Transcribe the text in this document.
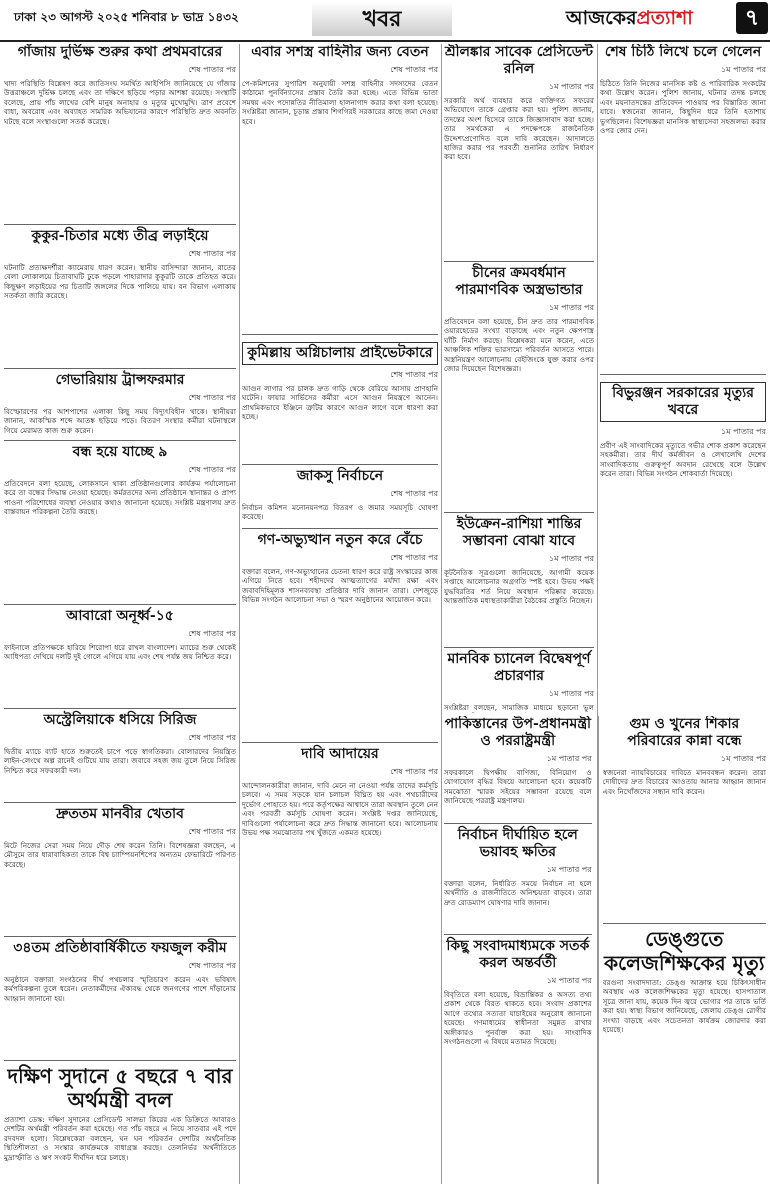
ঢাকা ২৩ আগস্ট ২০২৫ শনিবার ৮ ভাদ্র ১৪৩২	খবর	আজকেরপ্রত্যাশা	৭
গাঁজায় দুর্ভিক্ষ শুরুর কথা প্রথমবারের

শেষ পাতার পর

খাদ্য পরিস্থিতি বিশ্লেষণ করে জাতিসংঘ সমর্থিত আইপিসি জানিয়েছে যে গাঁজার উত্তরাঞ্চলে দুর্ভিক্ষ চলছে এবং তা দক্ষিণে ছড়িয়ে পড়ার আশঙ্কা রয়েছে। সংস্থাটি বলেছে, প্রায় পাঁচ লাখের বেশি মানুষ অনাহার ও মৃত্যুর মুখোমুখি। ত্রাণ প্রবেশে বাধা, অবরোধ এবং অব্যাহত সামরিক অভিযানের কারণে পরিস্থিতি দ্রুত অবনতি ঘটছে বলে সংস্থাগুলো সতর্ক করেছে।

কুকুর-চিতার মধ্যে তীব্র লড়াইয়ে

শেষ পাতার পর

ঘটনাটি প্রত্যক্ষদর্শীরা ক্যামেরায় ধারণ করেন। স্থানীয় বাসিন্দারা জানান, রাতের বেলা লোকালয়ে চিতাবাঘটি ঢুকে পড়লে পাহারাদার কুকুরটি তাকে প্রতিহত করে। কিছুক্ষণ লড়াইয়ের পর চিতাটি জঙ্গলের দিকে পালিয়ে যায়। বন বিভাগ এলাকায় সতর্কতা জারি করেছে।

গেভারিয়ায় ট্রান্সফরমার

শেষ পাতার পর

বিস্ফোরণের পর আশপাশের এলাকা কিছু সময় বিদ্যুৎবিহীন থাকে। স্থানীয়রা জানান, আকস্মিক শব্দে আতঙ্ক ছড়িয়ে পড়ে। বিতরণ সংস্থার কর্মীরা ঘটনাস্থলে গিয়ে মেরামত কাজ শুরু করেন।

বন্ধ হয়ে যাচ্ছে ৯

শেষ পাতার পর

প্রতিবেদনে বলা হয়েছে, লোকসানে থাকা প্রতিষ্ঠানগুলোর কার্যক্রম পর্যালোচনা করে তা বন্ধের সিদ্ধান্ত নেওয়া হয়েছে। কর্মরতদের অন্য প্রতিষ্ঠানে স্থানান্তর ও প্রাপ্য পাওনা পরিশোধের ব্যবস্থা নেওয়ার কথাও জানানো হয়েছে। সংশ্লিষ্ট মন্ত্রণালয় দ্রুত বাস্তবায়ন পরিকল্পনা তৈরি করছে।

আবারো অনূর্ধ্ব-১৫

শেষ পাতার পর

ফাইনালে প্রতিপক্ষকে হারিয়ে শিরোপা ধরে রাখল বাংলাদেশ। ম্যাচের শুরু থেকেই আধিপত্য দেখিয়ে দলটি দুই গোলে এগিয়ে যায় এবং শেষ পর্যন্ত জয় নিশ্চিত করে।

অস্ট্রেলিয়াকে ধসিয়ে সিরিজ

শেষ পাতার পর

দ্বিতীয় ম্যাচে ব্যাট হাতে শুরুতেই চাপে পড়ে স্বাগতিকরা। বোলারদের নিয়ন্ত্রিত লাইন-লেংথে অল্প রানেই গুটিয়ে যায় তারা। জবাবে সহজ জয় তুলে নিয়ে সিরিজ নিশ্চিত করে সফরকারী দল।

দ্রুততম মানবীর খেতাব

শেষ পাতার পর

মিটে নিজের সেরা সময় নিয়ে দৌড় শেষ করেন তিনি। বিশেষজ্ঞরা বলছেন, এ মৌসুমে তার ধারাবাহিকতা তাকে বিশ্ব চ্যাম্পিয়নশিপের অন্যতম ফেভারিটে পরিণত করেছে।

৩৪তম প্রতিষ্ঠাবার্ষিকীতে ফয়জুল করীম

শেষ পাতার পর

অনুষ্ঠানে বক্তারা সংগঠনের দীর্ঘ পথচলার স্মৃতিচারণ করেন এবং ভবিষ্যৎ কর্মপরিকল্পনা তুলে ধরেন। নেতাকর্মীদের ঐক্যবদ্ধ থেকে জনগণের পাশে দাঁড়ানোর আহ্বান জানানো হয়।

দক্ষিণ সুদানে ৫ বছরে ৭ বার অর্থমন্ত্রী বদল

প্রত্যাশা ডেস্ক: দক্ষিণ সুদানের প্রেসিডেন্ট সালভা কিরের এক ডিক্রিতে আবারও দেশটির অর্থমন্ত্রী পরিবর্তন করা হয়েছে। গত পাঁচ বছরে এ নিয়ে সাতবার এই পদে রদবদল হলো। বিশ্লেষকেরা বলছেন, ঘন ঘন পরিবর্তন দেশটির অর্থনৈতিক স্থিতিশীলতা ও সংস্কার কার্যক্রমকে বাধাগ্রস্ত করছে। তেলনির্ভর অর্থনীতিতে মুদ্রাস্ফীতি ও ঋণ সংকট দীর্ঘদিন ধরে চলছে।

এবার সশস্ত্র বাহিনীর জন্য বেতন

শেষ পাতার পর

পে-কমিশনের সুপারিশ অনুযায়ী সশস্ত্র বাহিনীর সদস্যদের বেতন কাঠামো পুনর্বিন্যাসের প্রস্তাব তৈরি করা হচ্ছে। এতে বিভিন্ন ভাতা সমন্বয় এবং পদোন্নতির নীতিমালা হালনাগাদ করার কথা বলা হয়েছে। সংশ্লিষ্টরা জানান, চূড়ান্ত প্রস্তাব শিগগিরই সরকারের কাছে জমা দেওয়া হবে।

কুমিল্লায় অগ্নিচালায় প্রাইভেটকারে

শেষ পাতার পর

আগুন লাগার পর চালক দ্রুত গাড়ি থেকে বেরিয়ে আসায় প্রাণহানি ঘটেনি। ফায়ার সার্ভিসের কর্মীরা এসে আগুন নিয়ন্ত্রণে আনেন। প্রাথমিকভাবে ইঞ্জিনে ত্রুটির কারণে আগুন লাগে বলে ধারণা করা হচ্ছে।

জাকসু নির্বাচনে

শেষ পাতার পর

নির্বাচন কমিশন মনোনয়নপত্র বিতরণ ও জমার সময়সূচি ঘোষণা করেছে।

গণ-অভ্যুত্থান নতুন করে বেঁচে

শেষ পাতার পর

বক্তারা বলেন, গণ-অভ্যুত্থানের চেতনা ধারণ করে রাষ্ট্র সংস্কারের কাজ এগিয়ে নিতে হবে। শহীদদের আত্মত্যাগের মর্যাদা রক্ষা এবং জবাবদিহিমূলক শাসনব্যবস্থা প্রতিষ্ঠার দাবি জানান তারা। দেশজুড়ে বিভিন্ন সংগঠন আলোচনা সভা ও স্মরণ অনুষ্ঠানের আয়োজন করে।

দাবি আদায়ের

শেষ পাতার পর

আন্দোলনকারীরা জানান, দাবি মেনে না নেওয়া পর্যন্ত তাদের কর্মসূচি চলবে। এ সময় সড়কে যান চলাচল বিঘ্নিত হয় এবং পথচারীদের দুর্ভোগ পোহাতে হয়। পরে কর্তৃপক্ষের আশ্বাসে তারা অবস্থান তুলে নেন এবং পরবর্তী কর্মসূচি ঘোষণা করেন। সংশ্লিষ্ট দপ্তর জানিয়েছে, দাবিগুলো পর্যালোচনা করে দ্রুত সিদ্ধান্ত জানানো হবে। আলোচনায় উভয় পক্ষ সমঝোতার পথ খুঁজতে একমত হয়েছে।

শ্রীলঙ্কার সাবেক প্রেসিডেন্ট রনিল

১ম পাতার পর

সরকারি অর্থ ব্যবহার করে ব্যক্তিগত সফরের অভিযোগে তাকে গ্রেপ্তার করা হয়। পুলিশ জানায়, তদন্তের অংশ হিসেবে তাকে জিজ্ঞাসাবাদ করা হচ্ছে। তার সমর্থকেরা এ পদক্ষেপকে রাজনৈতিক উদ্দেশ্যপ্রণোদিত বলে দাবি করেছেন। আদালতে হাজির করার পর পরবর্তী শুনানির তারিখ নির্ধারণ করা হবে।

চীনের ক্রমবর্ধমান পারমাণবিক অস্ত্রভান্ডার

১ম পাতার পর

প্রতিবেদনে বলা হয়েছে, চীন দ্রুত তার পারমাণবিক ওয়ারহেডের সংখ্যা বাড়াচ্ছে এবং নতুন ক্ষেপণাস্ত্র ঘাঁটি নির্মাণ করছে। বিশ্লেষকরা মনে করেন, এতে আঞ্চলিক শক্তির ভারসাম্যে পরিবর্তন আসতে পারে। অস্ত্রনিয়ন্ত্রণ আলোচনায় বেইজিংকে যুক্ত করার ওপর জোর দিয়েছেন বিশেষজ্ঞরা।

ইউক্রেন-রাশিয়া শান্তির সম্ভাবনা বোঝা যাবে

১ম পাতার পর

কূটনৈতিক সূত্রগুলো জানিয়েছে, আগামী কয়েক সপ্তাহে আলোচনার অগ্রগতি স্পষ্ট হবে। উভয় পক্ষই যুদ্ধবিরতির শর্ত নিয়ে অবস্থান পরিষ্কার করেছে। আন্তর্জাতিক মধ্যস্থতাকারীরা বৈঠকের প্রস্তুতি নিচ্ছেন।

শেষ চিঠি লিখে চলে গেলেন

১ম পাতার পর

চিঠিতে তিনি নিজের মানসিক কষ্ট ও পারিবারিক সংকটের কথা উল্লেখ করেন। পুলিশ জানায়, ঘটনার তদন্ত চলছে এবং ময়নাতদন্তের প্রতিবেদন পাওয়ার পর বিস্তারিত জানা যাবে। স্বজনেরা জানান, কিছুদিন ধরে তিনি হতাশায় ভুগছিলেন। বিশেষজ্ঞরা মানসিক স্বাস্থ্যসেবা সহজলভ্য করার ওপর জোর দেন।

বিভুরঞ্জন সরকারের মৃত্যুর খবরে

১ম পাতার পর

প্রবীণ এই সাংবাদিকের মৃত্যুতে গভীর শোক প্রকাশ করেছেন সহকর্মীরা। তার দীর্ঘ কর্মজীবন ও লেখালেখি দেশের সাংবাদিকতায় গুরুত্বপূর্ণ অবদান রেখেছে বলে উল্লেখ করেন তারা। বিভিন্ন সংগঠন শোকবার্তা দিয়েছে।

মানবিক চ্যানেল বিদ্বেষপূর্ণ প্রচারণার

১ম পাতার পর

সংশ্লিষ্টরা বলছেন, সামাজিক মাধ্যমে ছড়ানো ভুল

পাকিস্তানের উপ-প্রধানমন্ত্রী ও পররাষ্ট্রমন্ত্রী

১ম পাতার পর

সফরকালে দ্বিপক্ষীয় বাণিজ্য, বিনিয়োগ ও যোগাযোগ বৃদ্ধির বিষয়ে আলোচনা হবে। কয়েকটি সমঝোতা স্মারক সইয়ের সম্ভাবনা রয়েছে বলে জানিয়েছে পররাষ্ট্র মন্ত্রণালয়।

নির্বাচন দীর্ঘায়িত হলে ভয়াবহ ক্ষতির

১ম পাতার পর

বক্তারা বলেন, নির্ধারিত সময়ে নির্বাচন না হলে অর্থনীতি ও রাজনীতিতে অনিশ্চয়তা বাড়বে। তারা দ্রুত রোডম্যাপ ঘোষণার দাবি জানান।

কিছু সংবাদমাধ্যমকে সতর্ক করল অন্তর্বর্তী

১ম পাতার পর

বিবৃতিতে বলা হয়েছে, বিভ্রান্তিকর ও অসত্য তথ্য প্রকাশ থেকে বিরত থাকতে হবে। সংবাদ প্রকাশের আগে তথ্যের সত্যতা যাচাইয়ের অনুরোধ জানানো হয়েছে। গণমাধ্যমের স্বাধীনতা সমুন্নত রাখার অঙ্গীকারও পুনর্ব্যক্ত করা হয়। সাংবাদিক সংগঠনগুলো এ বিষয়ে মতামত দিয়েছে।

গুম ও খুনের শিকার পরিবারের কান্না বন্ধে

১ম পাতার পর

স্বজনেরা ন্যায়বিচারের দাবিতে মানববন্ধন করেন। তারা দোষীদের দ্রুত বিচারের আওতায় আনার আহ্বান জানান এবং নিখোঁজদের সন্ধান দাবি করেন।

ডেঙ্গুতে কলেজশিক্ষকের মৃত্যু

বরগুনা সংবাদদাতা: ডেঙ্গু আক্রান্ত হয়ে চিকিৎসাধীন অবস্থায় এক কলেজশিক্ষকের মৃত্যু হয়েছে। হাসপাতাল সূত্রে জানা যায়, কয়েক দিন জ্বরে ভোগার পর তাকে ভর্তি করা হয়। স্বাস্থ্য বিভাগ জানিয়েছে, জেলায় ডেঙ্গু রোগীর সংখ্যা বাড়ছে এবং সচেতনতা কার্যক্রম জোরদার করা হয়েছে।
